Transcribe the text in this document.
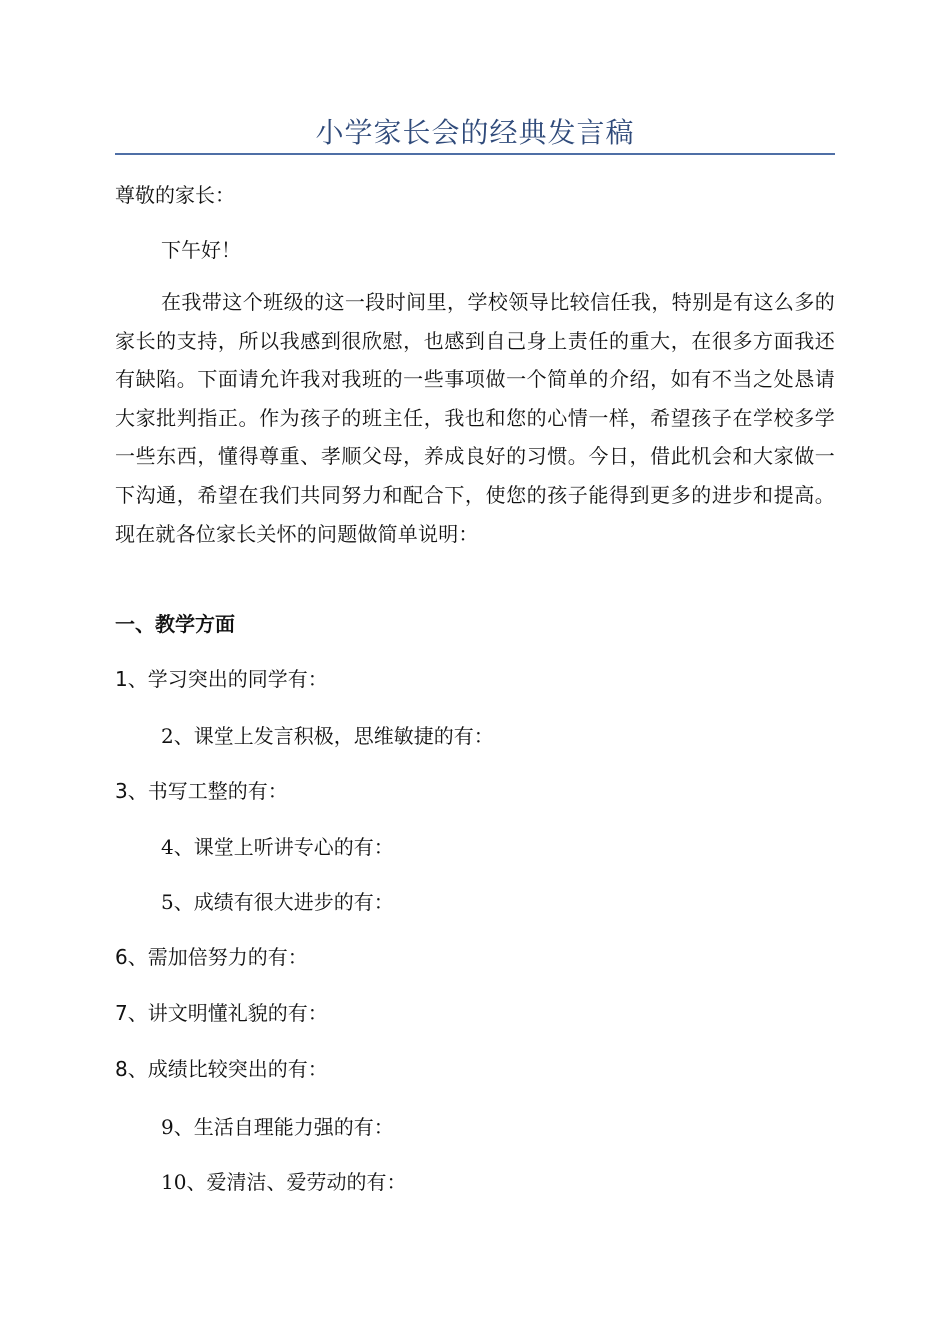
小学家长会的经典发言稿
尊敬的家长：
下午好！
在我带这个班级的这一段时间里，学校领导比较信任我，特别是有这么多的家长的支持，所以我感到很欣慰，也感到自己身上责任的重大，在很多方面我还有缺陷。下面请允许我对我班的一些事项做一个简单的介绍，如有不当之处恳请大家批判指正。作为孩子的班主任，我也和您的心情一样，希望孩子在学校多学一些东西，懂得尊重、孝顺父母，养成良好的习惯。今日，借此机会和大家做一下沟通，希望在我们共同努力和配合下，使您的孩子能得到更多的进步和提高。现在就各位家长关怀的问题做简单说明：
一、教学方面
1、学习突出的同学有：
2、课堂上发言积极，思维敏捷的有：
3、书写工整的有：
4、课堂上听讲专心的有：
5、成绩有很大进步的有：
6、需加倍努力的有：
7、讲文明懂礼貌的有：
8、成绩比较突出的有：
9、生活自理能力强的有：
10、爱清洁、爱劳动的有：
